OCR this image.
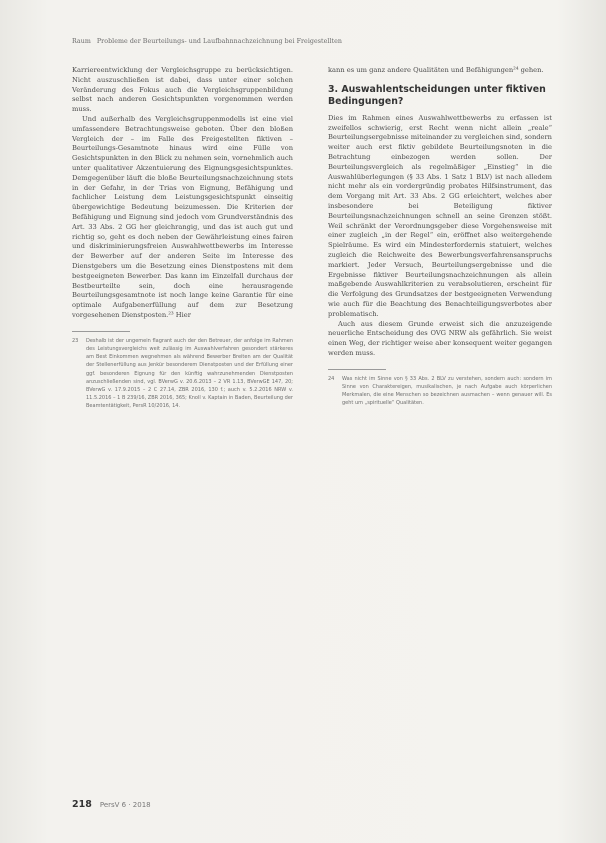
Raum Probleme der Beurteilungs- und Laufbahnnachzeichnung bei Freigestellten

Karriereentwicklung der Vergleichsgruppe zu berücksichtigen. Nicht auszuschließen ist dabei, dass unter einer solchen Veränderung des Fokus auch die Vergleichsgruppenbildung selbst nach anderen Gesichtspunkten vorgenommen werden muss.

Und außerhalb des Vergleichsgruppenmodells ist eine viel umfassendere Betrachtungsweise geboten. Über den bloßen Vergleich der – im Falle des Freigestellten fiktiven – Beurteilungs-Gesamtnote hinaus wird eine Fülle von Gesichtspunkten in den Blick zu nehmen sein, vornehmlich auch unter qualitativer Akzentuierung des Eignungsgesichtspunktes. Demgegenüber läuft die bloße Beurteilungsnachzeichnung stets in der Gefahr, in der Trias von Eignung, Befähigung und fachlicher Leistung dem Leistungsgesichtspunkt einseitig übergewichtige Bedeutung beizumessen. Die Kriterien der Befähigung und Eignung sind jedoch vom Grundverständnis des Art. 33 Abs. 2 GG her gleichrangig, und das ist auch gut und richtig so, geht es doch neben der Gewährleistung eines fairen und diskriminierungsfreien Auswahlwettbewerbs im Interesse der Bewerber auf der anderen Seite im Interesse des Dienstgebers um die Besetzung eines Dienstpostens mit dem bestgeeigneten Bewerber. Das kann im Einzelfall durchaus der Bestbeurteilte sein, doch eine herausragende Beurteilungsgesamtnote ist noch lange keine Garantie für eine optimale Aufgabenerfüllung auf dem zur Besetzung vorgesehenen Dienstposten.²³ Hier

23	Deshalb ist der ungemein flagrant auch der den Betreuer, der anfolge im Rahmen des Leistungsvergleichs weit zulässig im Auswahlverfahren gesondert stärkeres am Best Einkommen wegnehmen als während Bewerber Breiten am der Qualität der Stellenerfüllung aus Jenkür besonderem Dienstposten und der Erfüllung einer ggf. besonderen Eignung für den künftig wahrzunehmenden Dienstposten anzuschließenden sind, vgl. BVerwG v. 20.6.2013 – 2 VR 1.13, BVerwGE 147, 20; BVerwG v. 17.9.2015 – 2 C 27.14, ZBR 2016, 130 f.; auch v. 5.2.2016 NRW v. 11.5.2016 – 1 B 239/16, ZBR 2016, 365; Knoll v. Kaptain in Baden, Beurteilung der Beamtentätigkeit, PersR 10/2016, 14.

kann es um ganz andere Qualitäten und Befähigungen²⁴ gehen.

3. Auswahlentscheidungen unter fiktiven Bedingungen?

Dies im Rahmen eines Auswahlwettbewerbs zu erfassen ist zweifellos schwierig, erst Recht wenn nicht allein „reale“ Beurteilungsergebnisse miteinander zu vergleichen sind, sondern weiter auch erst fiktiv gebildete Beurteilungsnoten in die Betrachtung einbezogen werden sollen. Der Beurteilungsvergleich als regelmäßiger „Einstieg“ in die Auswahlüberlegungen (§ 33 Abs. 1 Satz 1 BLV) ist nach alledem nicht mehr als ein vordergründig probates Hilfsinstrument, das dem Vorgang mit Art. 33 Abs. 2 GG erleichtert, welches aber insbesondere bei Beteiligung fiktiver Beurteilungsnachzeichnungen schnell an seine Grenzen stößt. Weil schränkt der Verordnungsgeber diese Vorgehensweise mit einer zugleich „in der Regel“ ein, eröffnet also weitergehende Spielräume. Es wird ein Mindesterfordernis statuiert, welches zugleich die Reichweite des Bewerbungsverfahrensanspruchs markiert. Jeder Versuch, Beurteilungsergebnisse und die Ergebnisse fiktiver Beurteilungsnachzeichnungen als allein maßgebende Auswahlkriterien zu verabsolutieren, erscheint für die Verfolgung des Grundsatzes der bestgeeigneten Verwendung wie auch für die Beachtung des Benachteiligungsverbotes aber problematisch.

Auch aus diesem Grunde erweist sich die anzuzeigende neuerliche Entscheidung des OVG NRW als gefährlich. Sie weist einen Weg, der richtiger weise aber konsequent weiter gegangen werden muss.

24	Was nicht im Sinne von § 33 Abs. 2 BLV zu verstehen, sondern auch: sondern im Sinne von Charaktereigen, musikalischen, je nach Aufgabe auch körperlichen Merkmalen, die eine Menschen so bezeichnen ausmachen – wenn genauer will. Es geht um „spirituelle“ Qualitäten.
218 PersV 6 · 2018
